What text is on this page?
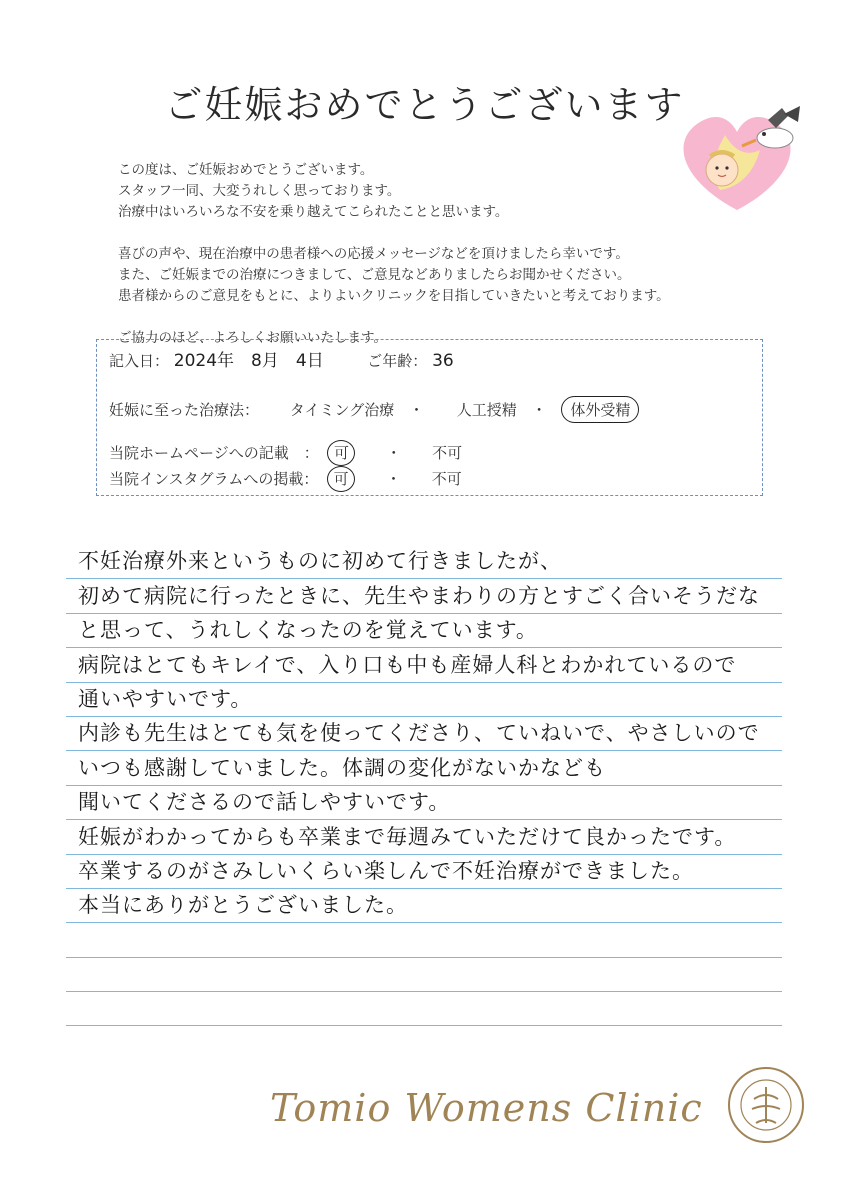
ご妊娠おめでとうございます

この度は、ご妊娠おめでとうございます。

スタッフ一同、大変うれしく思っております。

治療中はいろいろな不安を乗り越えてこられたことと思います。

喜びの声や、現在治療中の患者様への応援メッセージなどを頂けましたら幸いです。

また、ご妊娠までの治療につきまして、ご意見などありましたらお聞かせください。

患者様からのご意見をもとに、よりよいクリニックを目指していきたいと考えております。

ご協力のほど、よろしくお願いいたします。

記入日： 2024年　8月　4日	ご年齢： 36
妊娠に至った治療法： タイミング治療 ・ 人工授精 ・ 体外受精
当院ホームページへの記載　： 可 ・ 不可
当院インスタグラムへの掲載： 可 ・ 不可
不妊治療外来というものに初めて行きましたが、
初めて病院に行ったときに、先生やまわりの方とすごく合いそうだな
と思って、うれしくなったのを覚えています。
病院はとてもキレイで、入り口も中も産婦人科とわかれているので
通いやすいです。
内診も先生はとても気を使ってくださり、ていねいで、やさしいので
いつも感謝していました。体調の変化がないかなども
聞いてくださるので話しやすいです。
妊娠がわかってからも卒業まで毎週みていただけて良かったです。
卒業するのがさみしいくらい楽しんで不妊治療ができました。
本当にありがとうございました。
Tomio Womens Clinic
